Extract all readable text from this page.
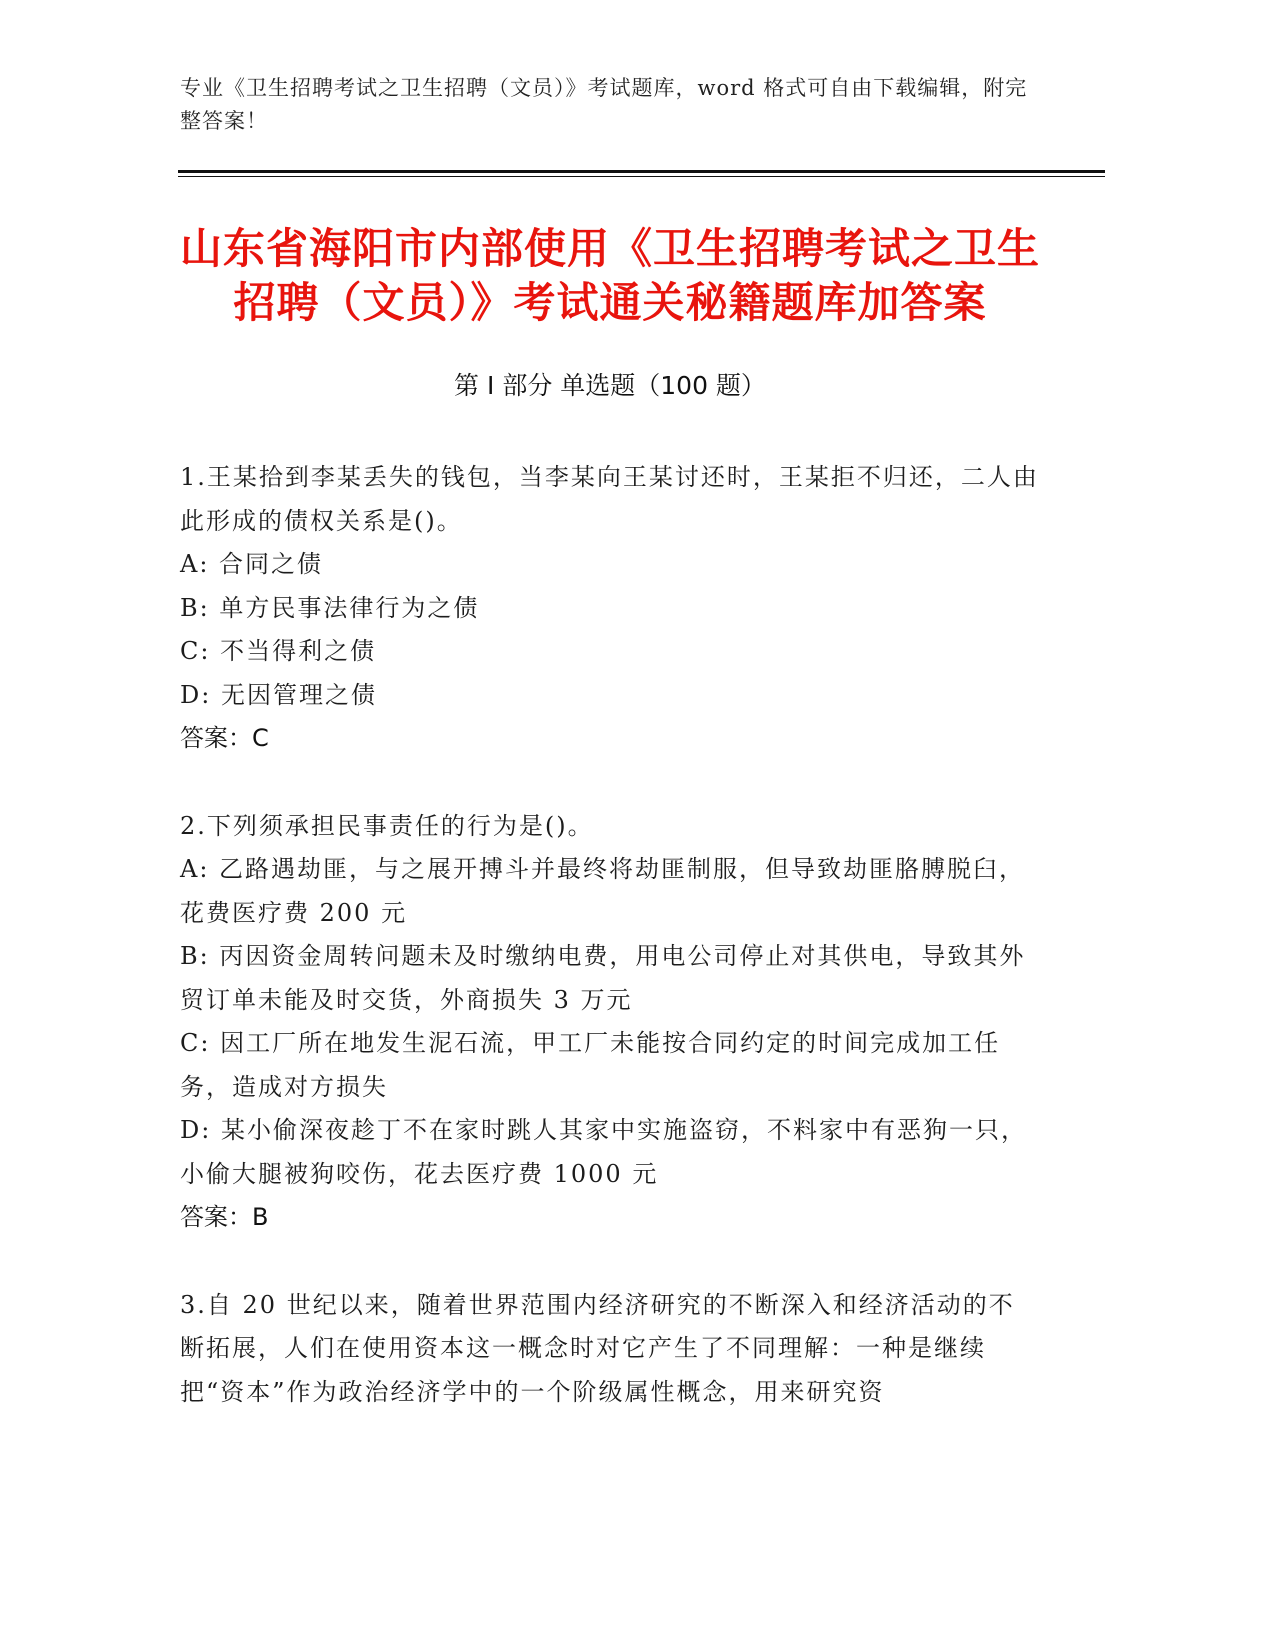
专业《卫生招聘考试之卫生招聘（文员）》考试题库，word 格式可自由下载编辑，附完整答案！
山东省海阳市内部使用《卫生招聘考试之卫生招聘（文员）》考试通关秘籍题库加答案
第 I 部分 单选题（100 题）
1.王某拾到李某丢失的钱包，当李某向王某讨还时，王某拒不归还，二人由此形成的债权关系是()。
A: 合同之债
B: 单方民事法律行为之债
C: 不当得利之债
D: 无因管理之债
答案：C
2.下列须承担民事责任的行为是()。
A: 乙路遇劫匪，与之展开搏斗并最终将劫匪制服，但导致劫匪胳膊脱臼，花费医疗费 200 元
B: 丙因资金周转问题未及时缴纳电费，用电公司停止对其供电，导致其外贸订单未能及时交货，外商损失 3 万元
C: 因工厂所在地发生泥石流，甲工厂未能按合同约定的时间完成加工任务，造成对方损失
D: 某小偷深夜趁丁不在家时跳人其家中实施盗窃，不料家中有恶狗一只，小偷大腿被狗咬伤，花去医疗费 1000 元
答案：B
3.自 20 世纪以来，随着世界范围内经济研究的不断深入和经济活动的不断拓展，人们在使用资本这一概念时对它产生了不同理解：一种是继续把“资本”作为政治经济学中的一个阶级属性概念，用来研究资
